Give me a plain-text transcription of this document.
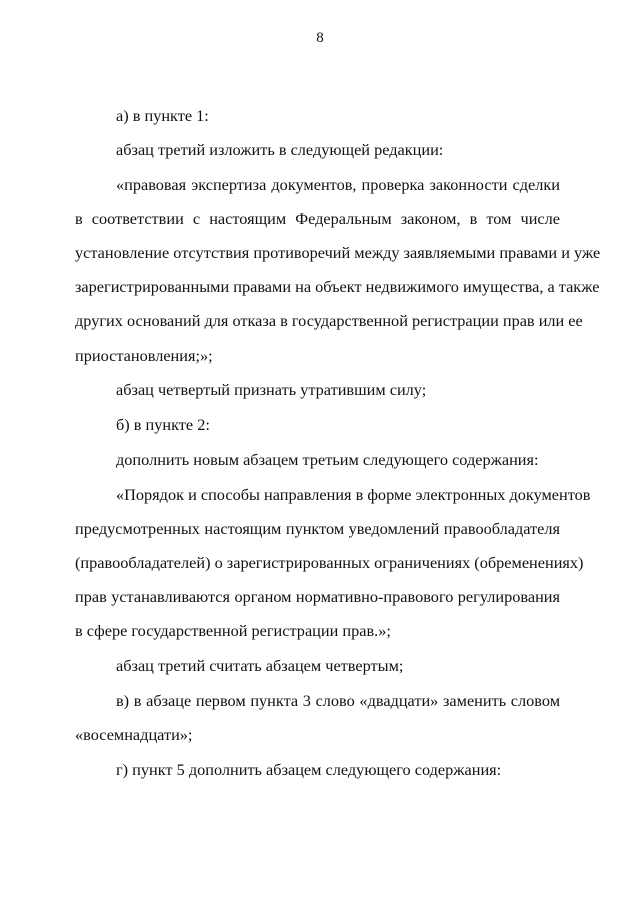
8
а) в пункте 1:
абзац третий изложить в следующей редакции:
«правовая экспертиза документов, проверка законности сделки
в соответствии с настоящим Федеральным законом, в том числе
установление отсутствия противоречий между заявляемыми правами и уже
зарегистрированными правами на объект недвижимого имущества, а также
других оснований для отказа в государственной регистрации прав или ее
приостановления;»;
абзац четвертый признать утратившим силу;
б) в пункте 2:
дополнить новым абзацем третьим следующего содержания:
«Порядок и способы направления в форме электронных документов
предусмотренных настоящим пунктом уведомлений правообладателя
(правообладателей) о зарегистрированных ограничениях (обременениях)
прав устанавливаются органом нормативно-правового регулирования
в сфере государственной регистрации прав.»;
абзац третий считать абзацем четвертым;
в) в абзаце первом пункта 3 слово «двадцати» заменить словом
«восемнадцати»;
г) пункт 5 дополнить абзацем следующего содержания:
